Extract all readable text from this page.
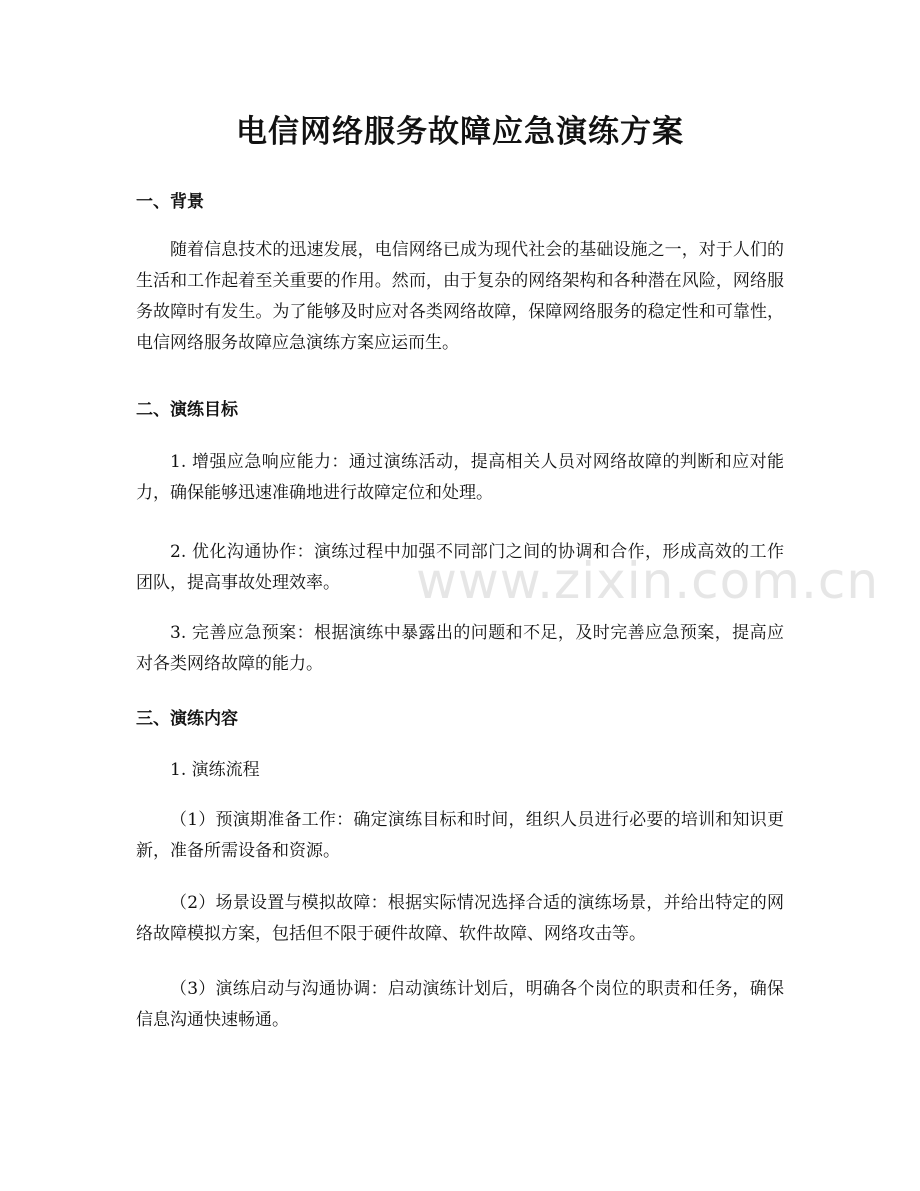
电信网络服务故障应急演练方案
一、背景

随着信息技术的迅速发展，电信网络已成为现代社会的基础设施之一，对于人们的生活和工作起着至关重要的作用。然而，由于复杂的网络架构和各种潜在风险，网络服务故障时有发生。为了能够及时应对各类网络故障，保障网络服务的稳定性和可靠性，电信网络服务故障应急演练方案应运而生。

二、演练目标

1. 增强应急响应能力：通过演练活动，提高相关人员对网络故障的判断和应对能力，确保能够迅速准确地进行故障定位和处理。

2. 优化沟通协作：演练过程中加强不同部门之间的协调和合作，形成高效的工作团队，提高事故处理效率。

3. 完善应急预案：根据演练中暴露出的问题和不足，及时完善应急预案，提高应对各类网络故障的能力。

三、演练内容

1. 演练流程

（1）预演期准备工作：确定演练目标和时间，组织人员进行必要的培训和知识更新，准备所需设备和资源。

（2）场景设置与模拟故障：根据实际情况选择合适的演练场景，并给出特定的网络故障模拟方案，包括但不限于硬件故障、软件故障、网络攻击等。

（3）演练启动与沟通协调：启动演练计划后，明确各个岗位的职责和任务，确保信息沟通快速畅通。

www.zixin.com.cn
